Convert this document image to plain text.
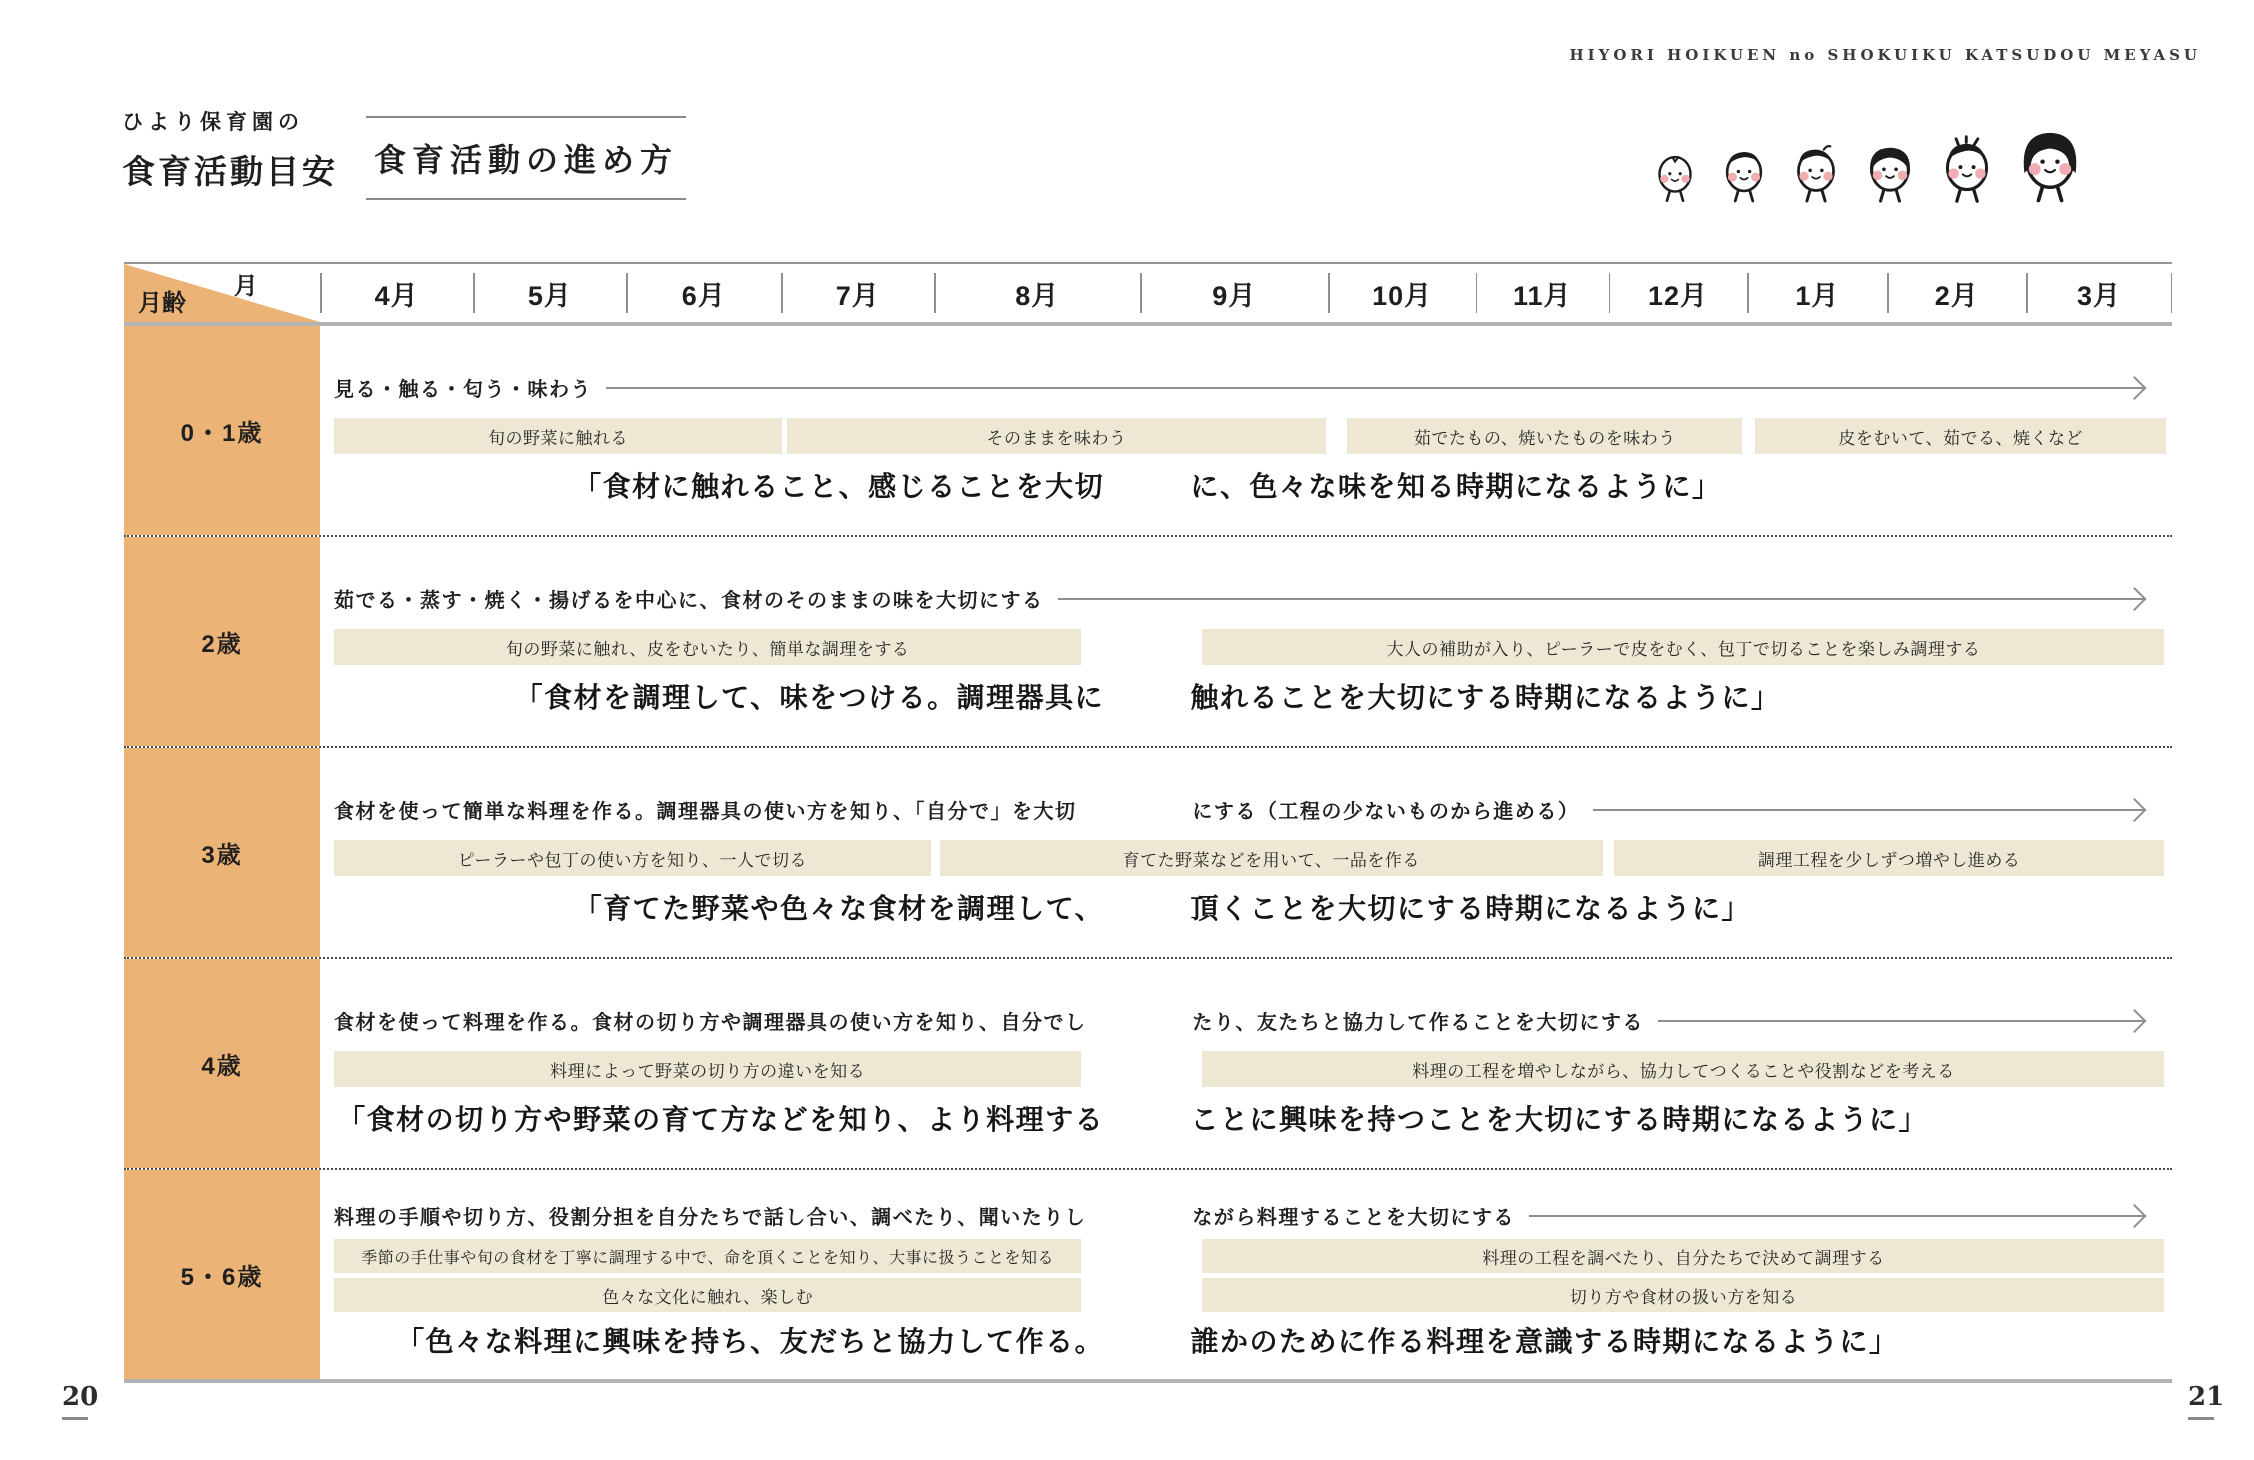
HIYORI HOIKUEN no SHOKUIKU KATSUDOU MEYASU
ひより保育園の
食育活動目安 食育活動の進め方
月
月齢	4月	5月	6月	7月	8月	9月	10月	11月	12月	1月	2月	3月
0・1歳
見る・触る・匂う・味わう
旬の野菜に触れる	そのままを味わう	茹でたもの、焼いたものを味わう	皮をむいて、茹でる、焼くなど
「食材に触れること、感じることを大切	に、色々な味を知る時期になるように」
2歳
茹でる・蒸す・焼く・揚げるを中心に、食材のそのままの味を大切にする
旬の野菜に触れ、皮をむいたり、簡単な調理をする	大人の補助が入り、ピーラーで皮をむく、包丁で切ることを楽しみ調理する
「食材を調理して、味をつける。調理器具に	触れることを大切にする時期になるように」
3歳
食材を使って簡単な料理を作る。調理器具の使い方を知り、「自分で」を大切	にする（工程の少ないものから進める）
ピーラーや包丁の使い方を知り、一人で切る	育てた野菜などを用いて、一品を作る	調理工程を少しずつ増やし進める
「育てた野菜や色々な食材を調理して、	頂くことを大切にする時期になるように」
4歳
食材を使って料理を作る。食材の切り方や調理器具の使い方を知り、自分でし	たり、友たちと協力して作ることを大切にする
料理によって野菜の切り方の違いを知る	料理の工程を増やしながら、協力してつくることや役割などを考える
「食材の切り方や野菜の育て方などを知り、より料理する	ことに興味を持つことを大切にする時期になるように」
5・6歳
料理の手順や切り方、役割分担を自分たちで話し合い、調べたり、聞いたりし	ながら料理することを大切にする
季節の手仕事や旬の食材を丁寧に調理する中で、命を頂くことを知り、大事に扱うことを知る	料理の工程を調べたり、自分たちで決めて調理する
色々な文化に触れ、楽しむ	切り方や食材の扱い方を知る
「色々な料理に興味を持ち、友だちと協力して作る。	誰かのために作る料理を意識する時期になるように」
20	21
